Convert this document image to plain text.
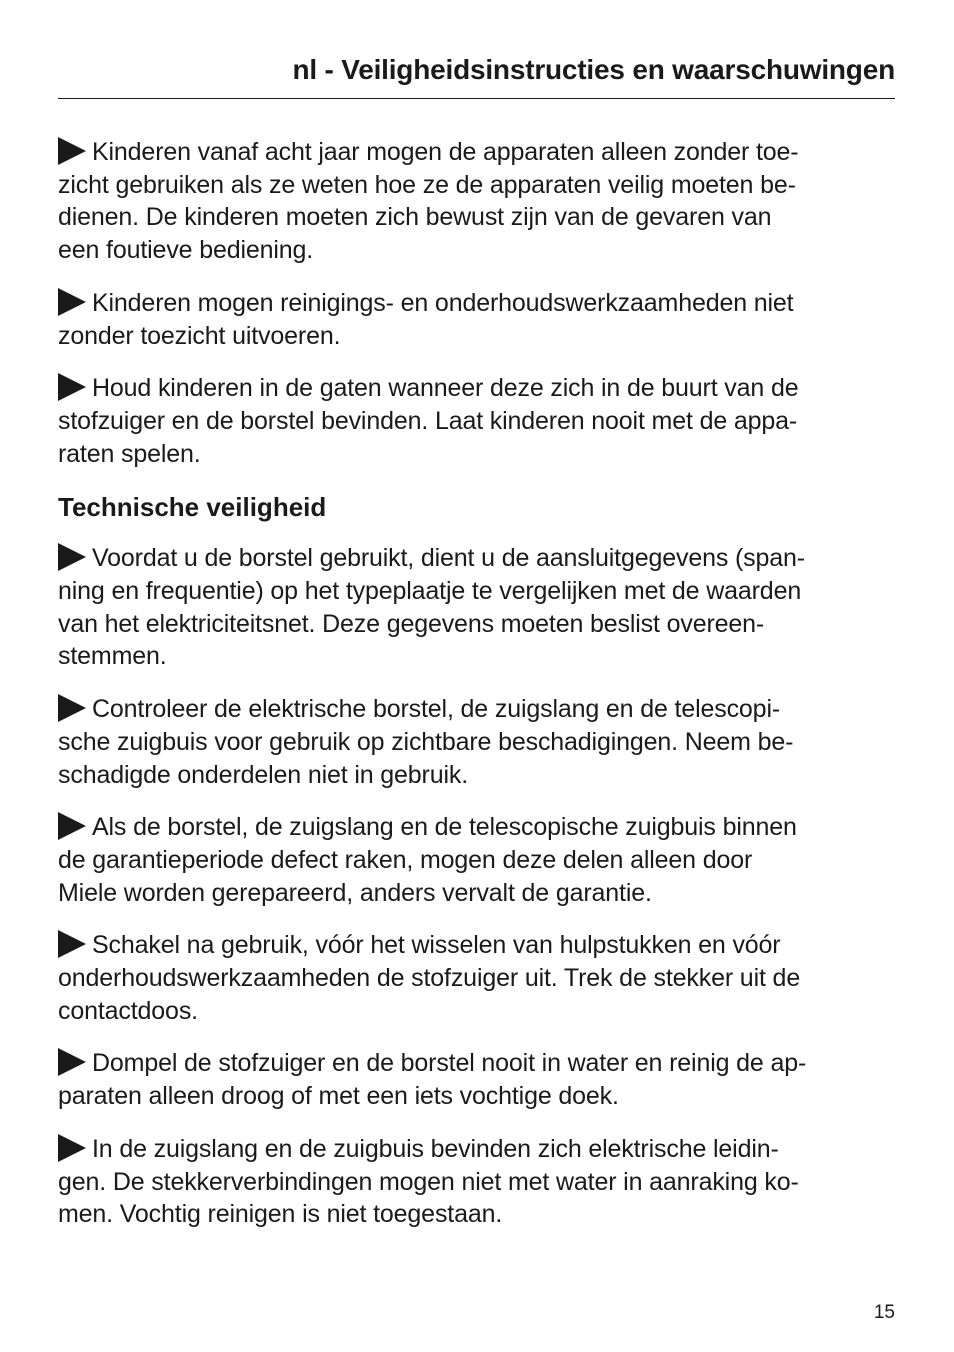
nl - Veiligheidsinstructies en waarschuwingen

Kinderen vanaf acht jaar mogen de apparaten alleen zonder toe-
zicht gebruiken als ze weten hoe ze de apparaten veilig moeten be-
dienen. De kinderen moeten zich bewust zijn van de gevaren van
een foutieve bediening.

Kinderen mogen reinigings- en onderhoudswerkzaamheden niet
zonder toezicht uitvoeren.

Houd kinderen in de gaten wanneer deze zich in de buurt van de
stofzuiger en de borstel bevinden. Laat kinderen nooit met de appa-
raten spelen.

Technische veiligheid

Voordat u de borstel gebruikt, dient u de aansluitgegevens (span-
ning en frequentie) op het typeplaatje te vergelijken met de waarden
van het elektriciteitsnet. Deze gegevens moeten beslist overeen-
stemmen.

Controleer de elektrische borstel, de zuigslang en de telescopi-
sche zuigbuis voor gebruik op zichtbare beschadigingen. Neem be-
schadigde onderdelen niet in gebruik.

Als de borstel, de zuigslang en de telescopische zuigbuis binnen
de garantieperiode defect raken, mogen deze delen alleen door
Miele worden gerepareerd, anders vervalt de garantie.

Schakel na gebruik, vóór het wisselen van hulpstukken en vóór
onderhoudswerkzaamheden de stofzuiger uit. Trek de stekker uit de
contactdoos.

Dompel de stofzuiger en de borstel nooit in water en reinig de ap-
paraten alleen droog of met een iets vochtige doek.

In de zuigslang en de zuigbuis bevinden zich elektrische leidin-
gen. De stekkerverbindingen mogen niet met water in aanraking ko-
men. Vochtig reinigen is niet toegestaan.

15
